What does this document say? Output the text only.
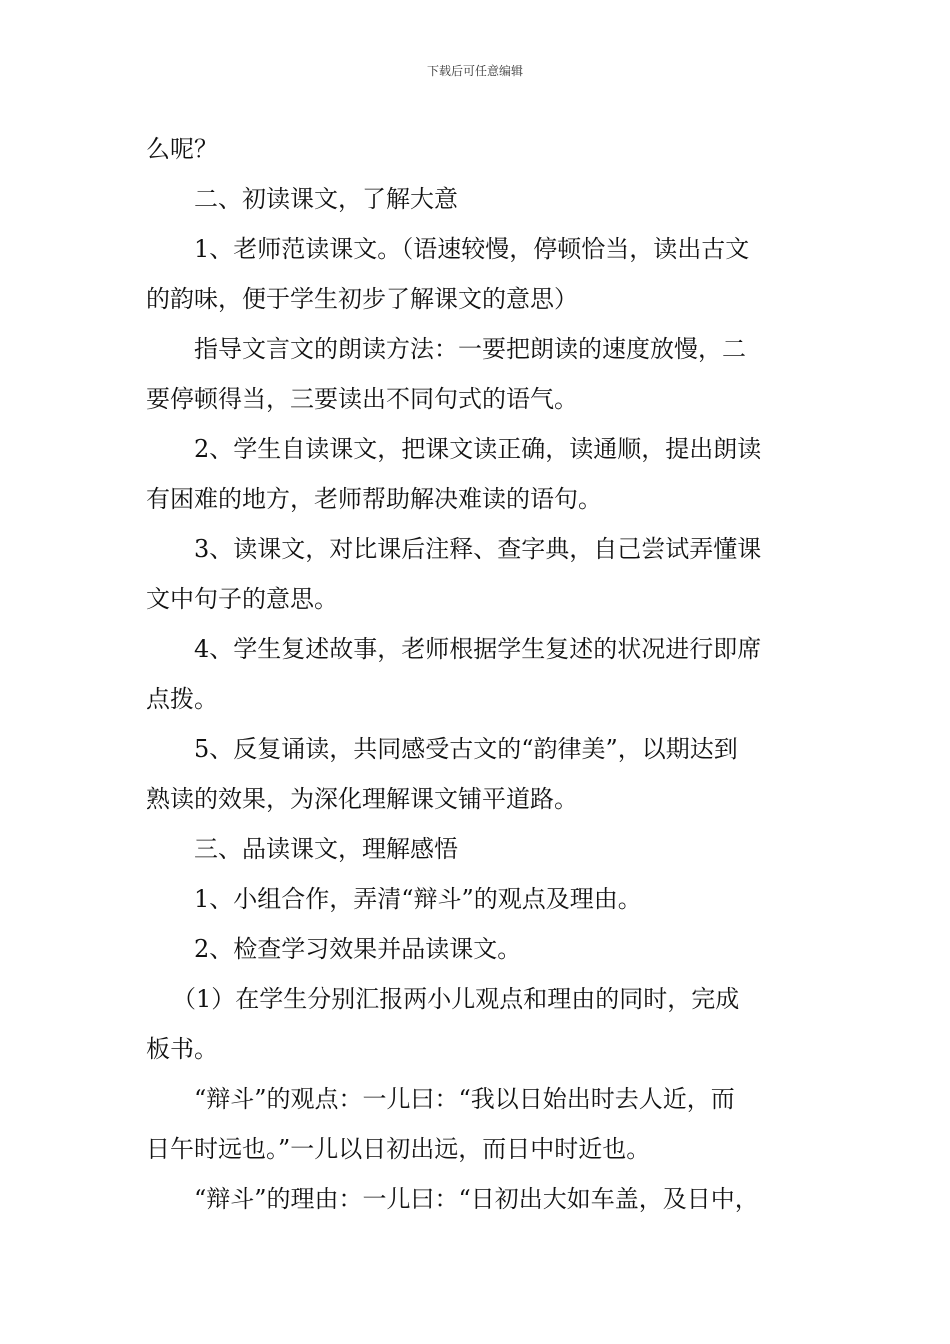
下载后可任意编辑
么呢？
二、初读课文，了解大意
1、老师范读课文。（语速较慢，停顿恰当，读出古文
的韵味，便于学生初步了解课文的意思）
指导文言文的朗读方法：一要把朗读的速度放慢，二
要停顿得当，三要读出不同句式的语气。
2、学生自读课文，把课文读正确，读通顺，提出朗读
有困难的地方，老师帮助解决难读的语句。
3、读课文，对比课后注释、查字典，自己尝试弄懂课
文中句子的意思。
4、学生复述故事，老师根据学生复述的状况进行即席
点拨。
5、反复诵读，共同感受古文的“韵律美”，以期达到
熟读的效果，为深化理解课文铺平道路。
三、品读课文，理解感悟
1、小组合作，弄清“辩斗”的观点及理由。
2、检查学习效果并品读课文。
（1）在学生分别汇报两小儿观点和理由的同时，完成
板书。
“辩斗”的观点：一儿曰：“我以日始出时去人近，而
日午时远也。”一儿以日初出远，而日中时近也。
“辩斗”的理由：一儿曰：“日初出大如车盖，及日中，
